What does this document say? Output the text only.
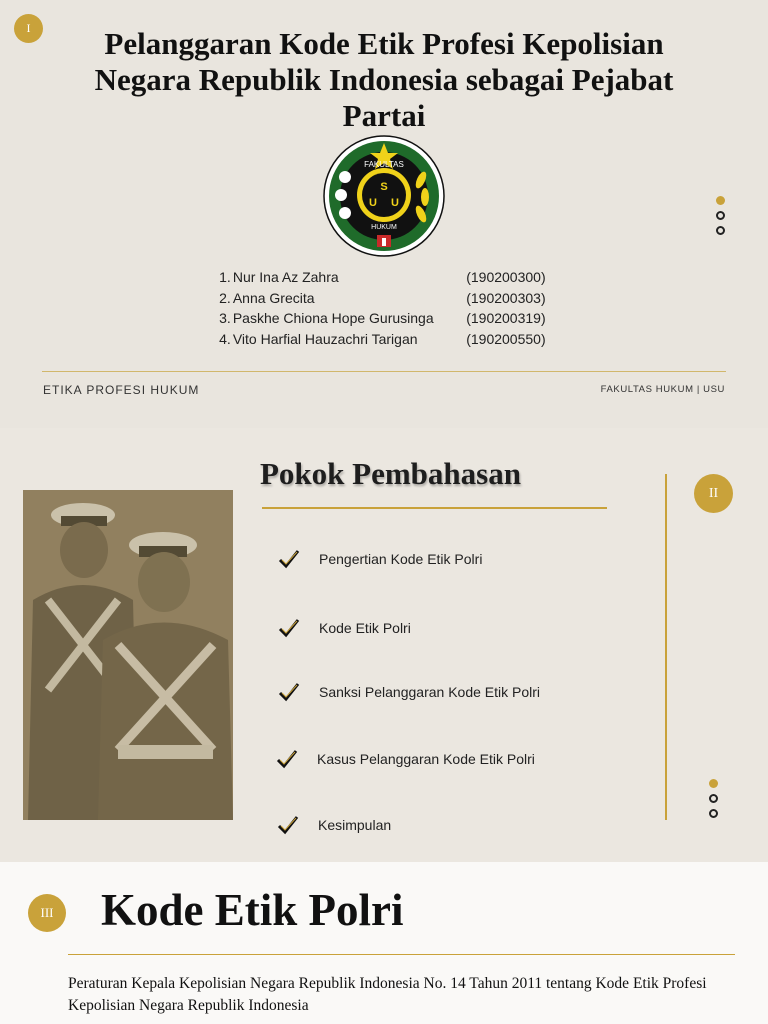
I	Pelanggaran Kode Etik Profesi Kepolisian Negara Republik Indonesia sebagai Pejabat Partai
FAKULTAS
HUKUM
S
U U
1. Nur Ina Az Zahra	(190200300)
2. Anna Grecita	(190200303)
3. Paskhe Chiona Hope Gurusinga	(190200319)
4. Vito Harfial Hauzachri Tarigan	(190200550)
ETIKA PROFESI HUKUM	FAKULTAS HUKUM | USU
Pokok Pembahasan
Pengertian Kode Etik Polri
Kode Etik Polri
Sanksi Pelanggaran Kode Etik Polri
Kasus Pelanggaran Kode Etik Polri
Kesimpulan
II
III Kode Etik Polri

Peraturan Kepala Kepolisian Negara Republik Indonesia No. 14 Tahun 2011 tentang Kode Etik Profesi Kepolisian Negara Republik Indonesia
